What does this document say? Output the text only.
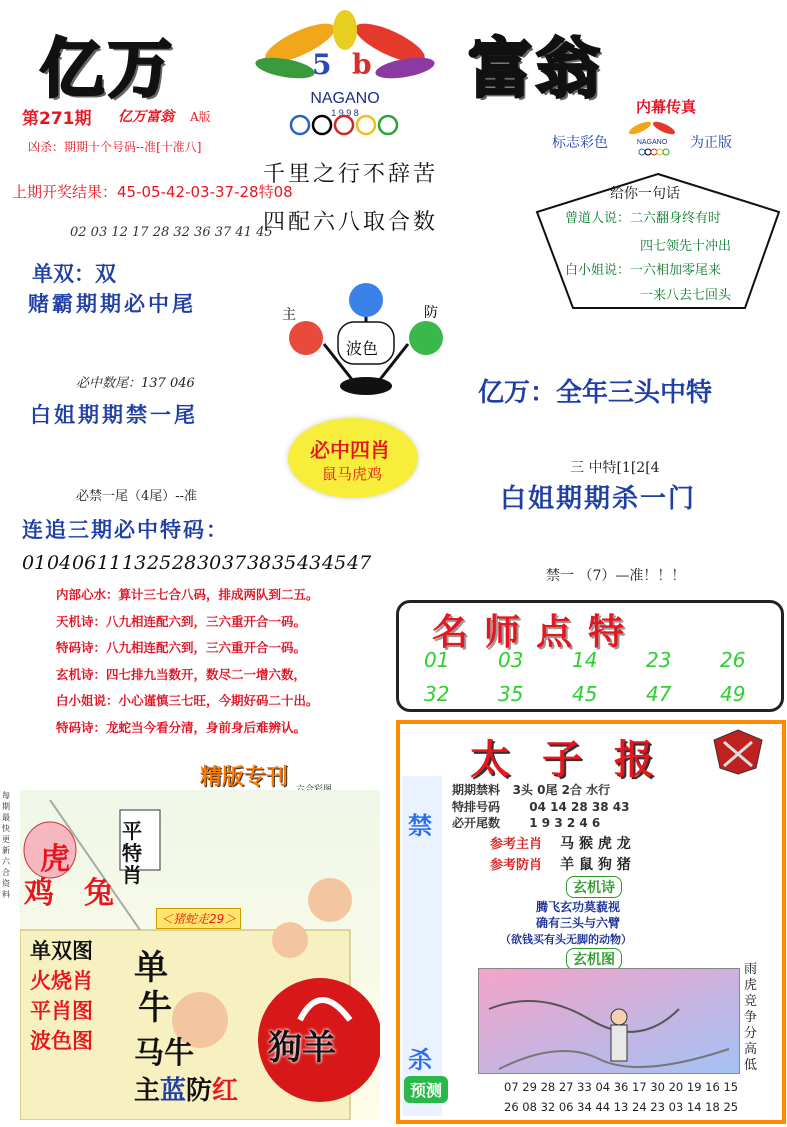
亿万	富翁
5 b
NAGANO
1 9 9 8
第271期 亿万富翁 A版
凶杀：期期十个号码--准[十准八]
上期开奖结果：45-05-42-03-37-28特08
02 03 12 17 28 32 36 37 41 45
千里之行不辞苦
四配六八取合数
内幕传真
标志彩色	NAGANO 为正版
给你一句话
曾道人说：二六翻身终有时
四七领先十冲出
白小姐说：一六相加零尾来
一来八去七回头
单双：双
赌霸期期必中尾	主	防
波色
必中数尾：137 046
白姐期期禁一尾
亿万：全年三头中特
必中四肖
鼠马虎鸡
必禁一尾（4尾）--准
三 中特[1[2[4
白姐期期杀一门
连追三期必中特码：
0104061113252830373835434547
禁一 （7）—准！！！
内部心水：算计三七合八码，排成两队到二五。
天机诗：八九相连配六到，三六重开合一码。
特码诗：八九相连配六到，三六重开合一码。
玄机诗：四七排九当数开，数尽二一增六数，
白小姐说：小心谨慎三七旺，今期好码二十出。
特码诗：龙蛇当今看分清，身前身后难辨认。
名师点特
01 03 14 23 26
32 35 45 47 49
精版专刊
每期最快更新六合资料
虎
鸡 兔
平特肖
＜猪蛇走29＞
单双图
火烧肖
平肖图
波色图
单
牛
马牛
主蓝防红
狗羊
太子报
禁
杀
期期禁料 3头 0尾 2合 水行
特排号码 04 14 28 38 43
必开尾数 1 9 3 2 4 6
参考主肖 马 猴 虎 龙
参考防肖 羊 鼠 狗 猪
玄机诗
腾飞玄功莫藐视
确有三头与六臂
（欲钱买有头无脚的动物）
玄机图
雨虎竞争分高低
预测	07 29 28 27 33 04 36 17 30 20 19 16 15
26 08 32 06 34 44 13 24 23 03 14 18 25
